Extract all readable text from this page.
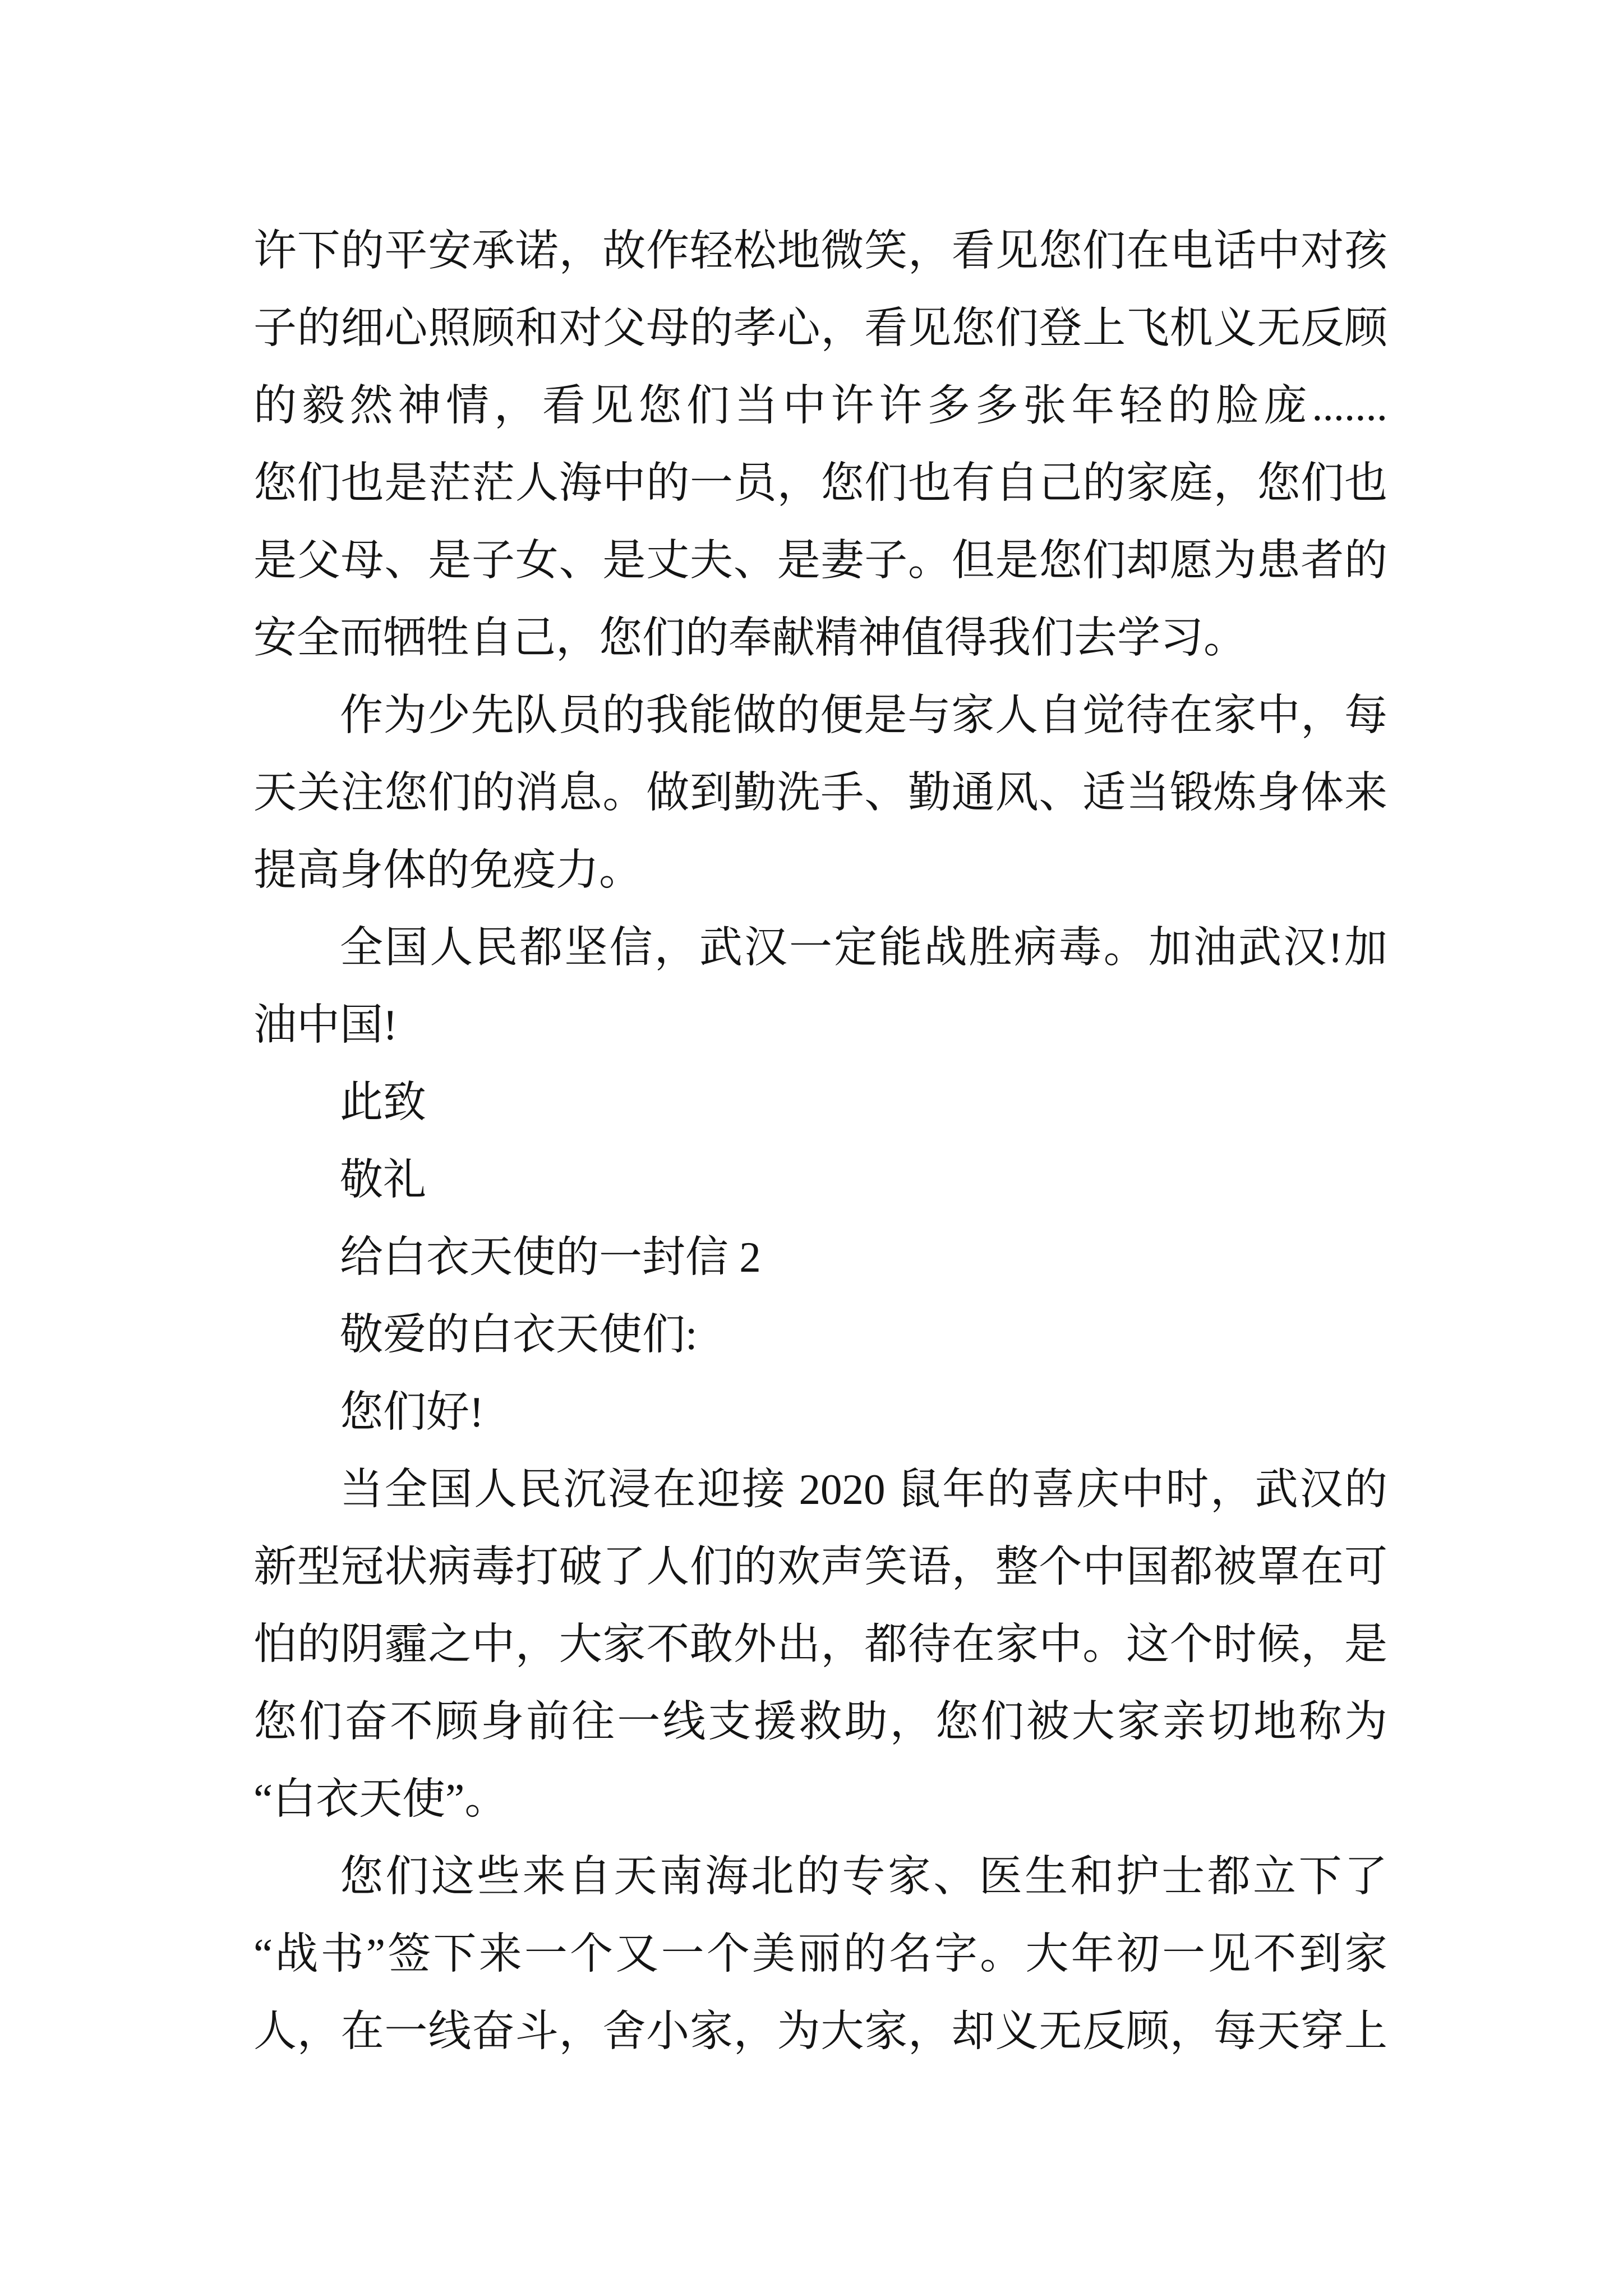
许下的平安承诺，故作轻松地微笑，看见您们在电话中对孩
子的细心照顾和对父母的孝心，看见您们登上飞机义无反顾
的毅然神情，看见您们当中许许多多张年轻的脸庞.......
您们也是茫茫人海中的一员，您们也有自己的家庭，您们也
是父母、是子女、是丈夫、是妻子。但是您们却愿为患者的
安全而牺牲自己，您们的奉献精神值得我们去学习。
作为少先队员的我能做的便是与家人自觉待在家中，每
天关注您们的消息。做到勤洗手、勤通风、适当锻炼身体来
提高身体的免疫力。
全国人民都坚信，武汉一定能战胜病毒。加油武汉!加
油中国!
此致
敬礼
给白衣天使的一封信 2
敬爱的白衣天使们:
您们好!
当全国人民沉浸在迎接 2020 鼠年的喜庆中时，武汉的
新型冠状病毒打破了人们的欢声笑语，整个中国都被罩在可
怕的阴霾之中，大家不敢外出，都待在家中。这个时候，是
您们奋不顾身前往一线支援救助，您们被大家亲切地称为
“白衣天使”。
您们这些来自天南海北的专家、医生和护士都立下了
“战书”签下来一个又一个美丽的名字。大年初一见不到家
人，在一线奋斗，舍小家，为大家，却义无反顾，每天穿上
